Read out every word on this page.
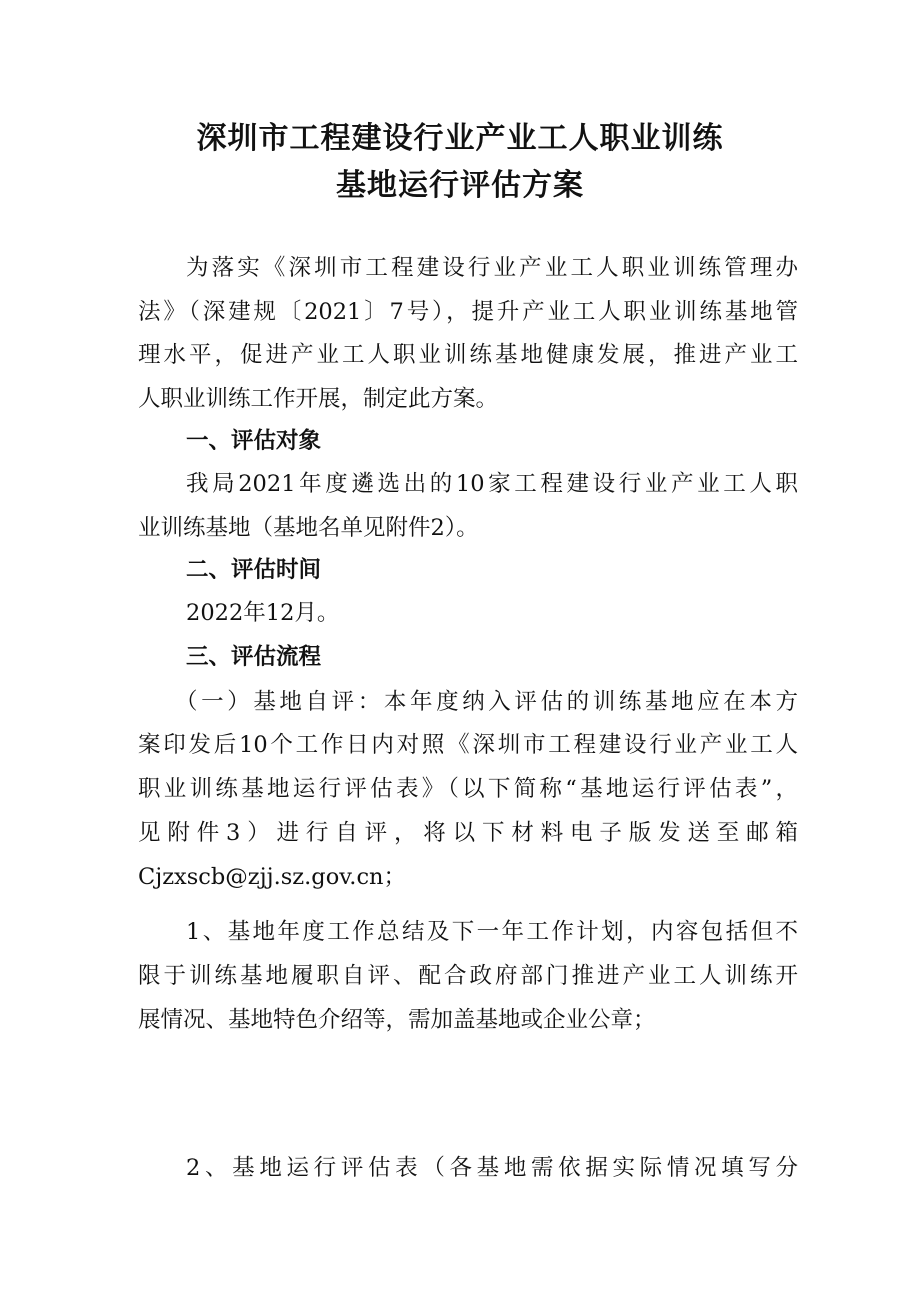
深圳市工程建设行业产业工人职业训练
基地运行评估方案
为落实《深圳市工程建设行业产业工人职业训练管理办
法》（深建规〔2021〕7号），提升产业工人职业训练基地管
理水平，促进产业工人职业训练基地健康发展，推进产业工
人职业训练工作开展，制定此方案。
一、评估对象
我局2021年度遴选出的10家工程建设行业产业工人职
业训练基地（基地名单见附件2）。
二、评估时间
2022年12月。
三、评估流程
（一）基地自评：本年度纳入评估的训练基地应在本方
案印发后10个工作日内对照《深圳市工程建设行业产业工人
职业训练基地运行评估表》（以下简称“基地运行评估表”，
见附件3）进行自评，将以下材料电子版发送至邮箱
Cjzxscb@zjj.sz.gov.cn；
1、基地年度工作总结及下一年工作计划，内容包括但不
限于训练基地履职自评、配合政府部门推进产业工人训练开
展情况、基地特色介绍等，需加盖基地或企业公章；
2、基地运行评估表（各基地需依据实际情况填写分
